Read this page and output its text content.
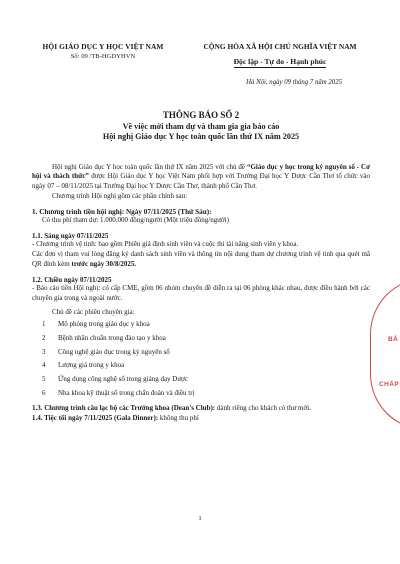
HỘI GIÁO DỤC Y HỌC VIỆT NAM
Số: 09 /TB-HGDYHVN
CỘNG HÒA XÃ HỘI CHỦ NGHĨA VIỆT NAM
Độc lập - Tự do - Hạnh phúc
Hà Nội, ngày 09 tháng 7 năm 2025
THÔNG BÁO SỐ 2
Về việc mời tham dự và tham gia gia báo cáo
Hội nghị Giáo dục Y học toàn quốc lần thứ IX năm 2025

Hội nghị Giáo dục Y học toàn quốc lần thứ IX năm 2025 với chủ đề “Giáo dục y học trong kỷ nguyên số - Cơ hội và thách thức” được Hội Giáo dục Y học Việt Nam phối hợp với Trường Đại học Y Dược Cần Thơ tổ chức vào ngày 07 – 08/11/2025 tại Trường Đại học Y Dược Cần Thơ, thành phố Cần Thơ.

Chương trình Hội nghị gồm các phần chính sau:

1. Chương trình tiền hội nghị: Ngày 07/11/2025 (Thứ Sáu):
Có thu phí tham dự: 1.000.000 đồng/người (Một triệu đồng/người)
1.1. Sáng ngày 07/11/2025

- Chương trình vệ tinh: bao gồm Phiên giá định sinh viên và cuộc thi tài năng sinh viên y khoa.

Các đơn vị tham vui lòng đăng ký danh sách sinh viên và thông tin nội dung tham dự chương trình vệ tinh qua quét mã QR đính kèm trước ngày 30/8/2025.

1.2. Chiều ngày 07/11/2025

- Báo cáo tiền Hội nghị: có cấp CME, gồm 06 nhóm chuyên đề diễn ra tại 06 phòng khác nhau, được điều hành bởi các chuyên gia trong và ngoài nước.

Chủ đề các phiên chuyên gia:
1	Mô phỏng trong giáo dục y khoa
2	Bệnh nhân chuẩn trong đào tạo y khoa
3	Công nghệ giáo dục trong kỷ nguyên số
4	Lượng giá trong y khoa
5	Ứng dụng công nghệ số trong giảng dạy Dược
6	Nha khoa kỹ thuật số trong chẩn đoán và điều trị

1.3. Chương trình câu lạc bộ các Trưởng khoa (Dean's Club): dành riêng cho khách có thư mời.

1.4. Tiệc tối ngày 7/11/2025 (Gala Dinner): không thu phí

BẢ
CHẤP
1
